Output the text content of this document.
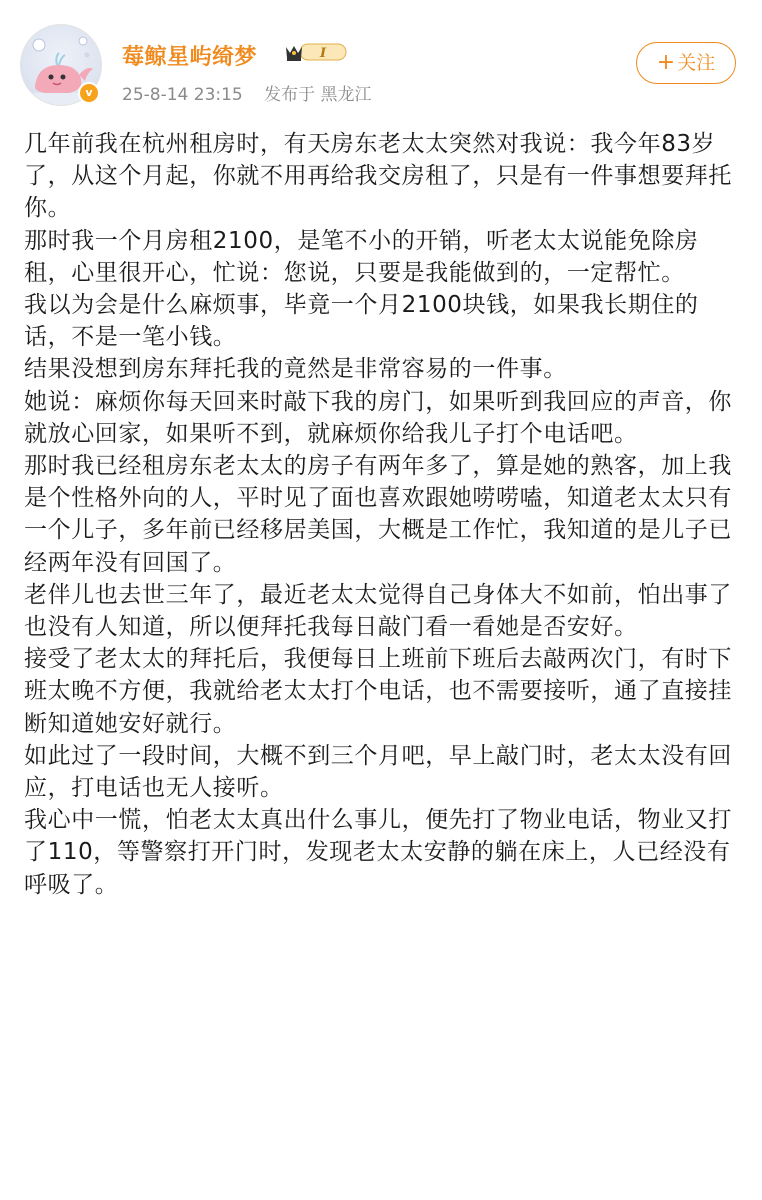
v
莓鲸星屿绮梦	I
25-8-14 23:15 发布于 黑龙江
+ 关注

几年前我在杭州租房时，有天房东老太太突然对我说：我今年83岁了，从这个月起，你就不用再给我交房租了，只是有一件事想要拜托你。

那时我一个月房租2100，是笔不小的开销，听老太太说能免除房租，心里很开心，忙说：您说，只要是我能做到的，一定帮忙。

我以为会是什么麻烦事，毕竟一个月2100块钱，如果我长期住的话，不是一笔小钱。

结果没想到房东拜托我的竟然是非常容易的一件事。

她说：麻烦你每天回来时敲下我的房门，如果听到我回应的声音，你就放心回家，如果听不到，就麻烦你给我儿子打个电话吧。

那时我已经租房东老太太的房子有两年多了，算是她的熟客，加上我是个性格外向的人，平时见了面也喜欢跟她唠唠嗑，知道老太太只有一个儿子，多年前已经移居美国，大概是工作忙，我知道的是儿子已经两年没有回国了。

老伴儿也去世三年了，最近老太太觉得自己身体大不如前，怕出事了也没有人知道，所以便拜托我每日敲门看一看她是否安好。

接受了老太太的拜托后，我便每日上班前下班后去敲两次门，有时下班太晚不方便，我就给老太太打个电话，也不需要接听，通了直接挂断知道她安好就行。

如此过了一段时间，大概不到三个月吧，早上敲门时，老太太没有回应，打电话也无人接听。

我心中一慌，怕老太太真出什么事儿，便先打了物业电话，物业又打了110，等警察打开门时，发现老太太安静的躺在床上，人已经没有呼吸了。
